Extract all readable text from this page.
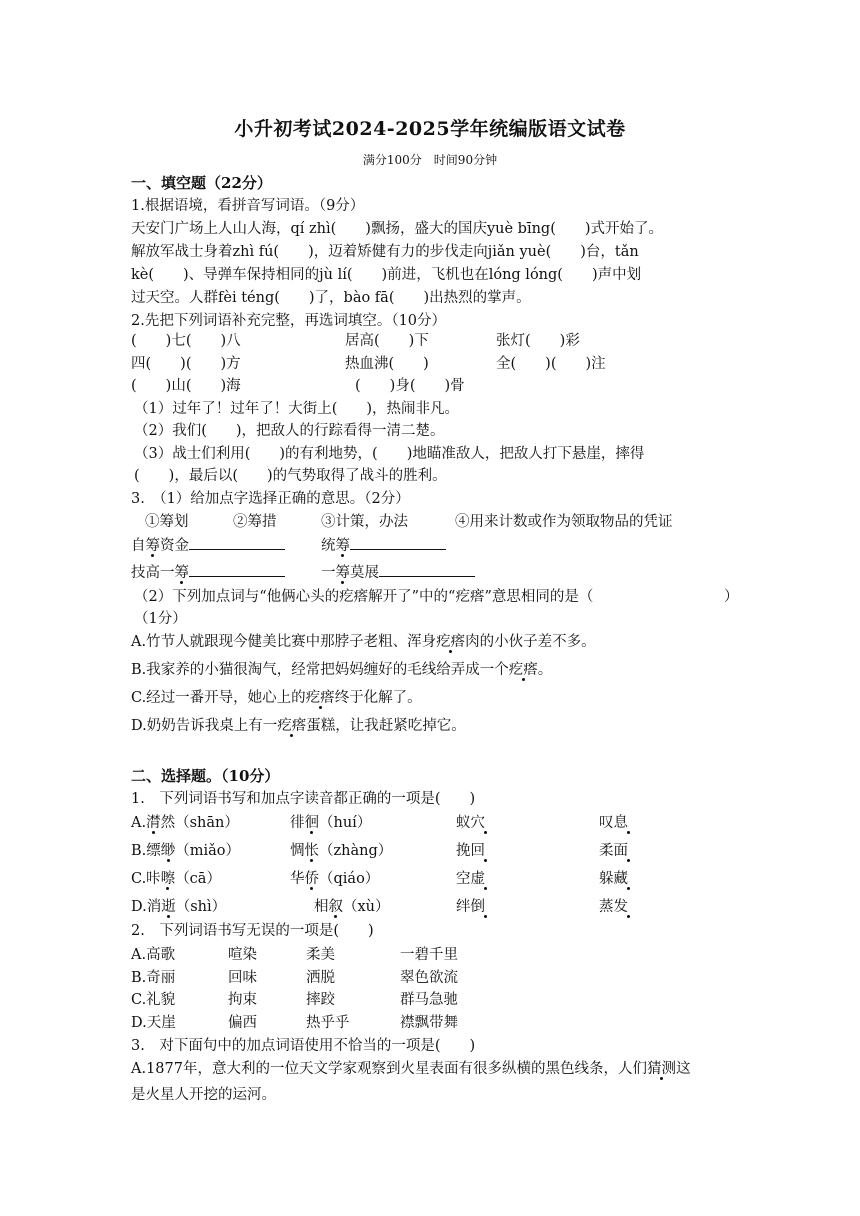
小升初考试2024-2025学年统编版语文试卷
满分100分　时间90分钟
一、填空题（22分）
1.根据语境，看拼音写词语。（9分）
天安门广场上人山人海，qí zhì(　　)飘扬，盛大的国庆yuè bīng(　　)式开始了。
解放军战士身着zhì fú(　　)，迈着矫健有力的步伐走向jiǎn yuè(　　)台，tǎn
kè(　　)、导弹车保持相同的jù lí(　　)前进，飞机也在lóng lóng(　　)声中划
过天空。人群fèi téng(　　)了，bào fā(　　)出热烈的掌声。
2.先把下列词语补充完整，再选词填空。（10分）
(　　)七(　　)八	居高(　　)下	张灯(　　)彩
四(　　)(　　)方	热血沸(　　)	全(　　)(　　)注
(　　)山(　　)海	(　　)身(　　)骨
（1）过年了！过年了！大街上(　　)，热闹非凡。
（2）我们(　　)，把敌人的行踪看得一清二楚。
（3）战士们利用(　　)的有利地势，(　　)地瞄准敌人，把敌人打下悬崖，摔得
(　　)，最后以(　　)的气势取得了战斗的胜利。
3.　（1）给加点字选择正确的意思。（2分）
①筹划	②筹措	③计策，办法	④用来计数或作为领取物品的凭证
自筹资金	统筹
技高一筹	一筹莫展
（2）下列加点词与“他俩心头的疙瘩解开了”中的“疙瘩”意思相同的是（	）
（1分）
A.竹节人就跟现今健美比赛中那脖子老粗、浑身疙瘩肉的小伙子差不多。
B.我家养的小猫很淘气，经常把妈妈缠好的毛线给弄成一个疙瘩。
C.经过一番开导，她心上的疙瘩终于化解了。
D.奶奶告诉我桌上有一疙瘩蛋糕，让我赶紧吃掉它。
二、选择题。（10分）
1.　下列词语书写和加点字读音都正确的一项是(　　)
A.潸然（shān）	徘徊（huí）	蚁穴	叹息
B.缥缈（miǎo）	惆怅（zhàng）	挽回	柔面
C.咔嚓（cā）	华侨（qiáo）	空虚	躲藏
D.消逝（shì）	相叙（xù）	绊倒	蒸发
2.　下列词语书写无误的一项是(　　)
A.高歌	喧染	柔美	一碧千里
B.奇丽	回味	洒脱	翠色欲流
C.礼貌	拘束	摔跤	群马急驰
D.天崖	偏西	热乎乎	襟飘带舞
3.　对下面句中的加点词语使用不恰当的一项是(　　)
A.1877年，意大利的一位天文学家观察到火星表面有很多纵横的黑色线条，人们猜测这
是火星人开挖的运河。
